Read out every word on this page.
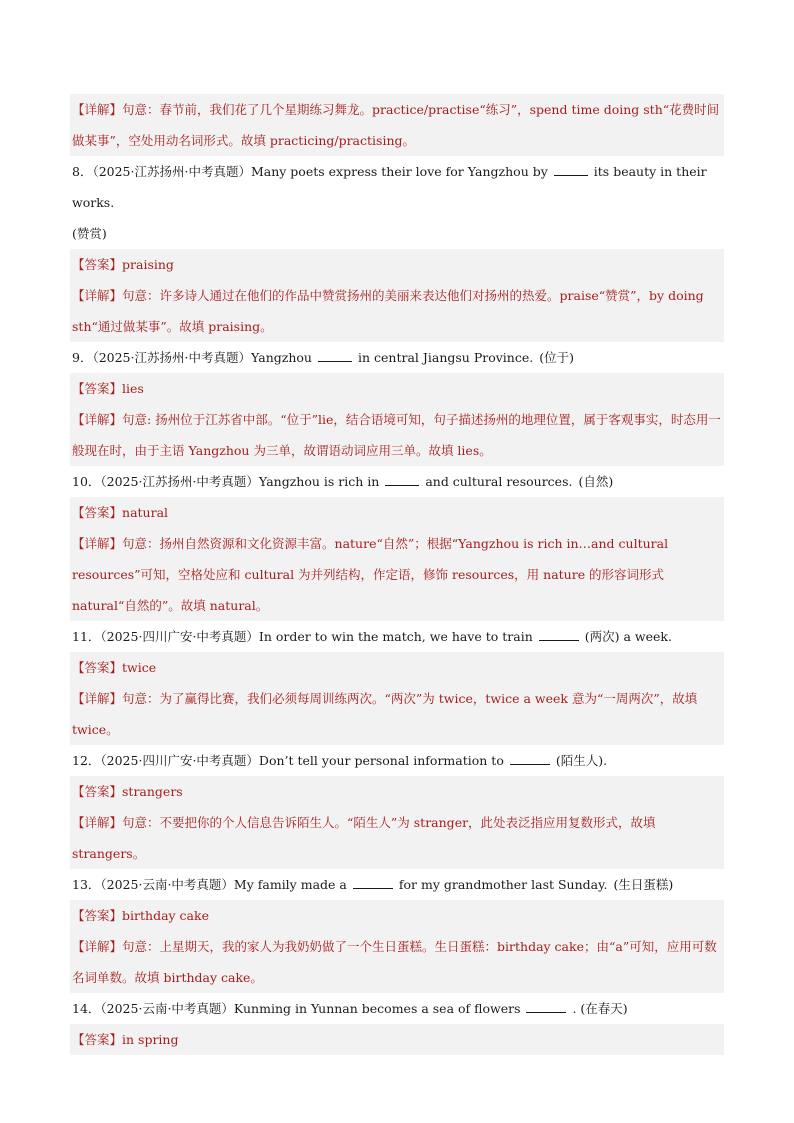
【详解】句意：春节前，我们花了几个星期练习舞龙。practice/practise“练习”，spend time doing sth“花费时间做某事”，空处用动名词形式。故填 practicing/practising。
8．（2025·江苏扬州·中考真题）Many poets express their love for Yangzhou by	its beauty in their works.
(赞赏)
【答案】praising
【详解】句意：许多诗人通过在他们的作品中赞赏扬州的美丽来表达他们对扬州的热爱。praise“赞赏”，by doing sth“通过做某事”。故填 praising。
9．（2025·江苏扬州·中考真题）Yangzhou	in central Jiangsu Province. (位于)
【答案】lies
【详解】句意: 扬州位于江苏省中部。“位于”lie，结合语境可知，句子描述扬州的地理位置，属于客观事实，时态用一般现在时，由于主语 Yangzhou 为三单，故谓语动词应用三单。故填 lies。
10．（2025·江苏扬州·中考真题）Yangzhou is rich in	and cultural resources. (自然)
【答案】natural
【详解】句意：扬州自然资源和文化资源丰富。nature“自然”；根据“Yangzhou is rich in…and cultural resources”可知，空格处应和 cultural 为并列结构，作定语，修饰 resources，用 nature 的形容词形式 natural“自然的”。故填 natural。
11．（2025·四川广安·中考真题）In order to win the match, we have to train	(两次) a week.
【答案】twice
【详解】句意：为了赢得比赛，我们必须每周训练两次。“两次”为 twice，twice a week 意为“一周两次”，故填 twice。
12．（2025·四川广安·中考真题）Don’t tell your personal information to	(陌生人).
【答案】strangers
【详解】句意：不要把你的个人信息告诉陌生人。“陌生人”为 stranger，此处表泛指应用复数形式，故填 strangers。
13．（2025·云南·中考真题）My family made a	for my grandmother last Sunday. (生日蛋糕)
【答案】birthday cake
【详解】句意：上星期天，我的家人为我奶奶做了一个生日蛋糕。生日蛋糕：birthday cake；由“a”可知，应用可数名词单数。故填 birthday cake。
14．（2025·云南·中考真题）Kunming in Yunnan becomes a sea of flowers	. (在春天)
【答案】in spring
